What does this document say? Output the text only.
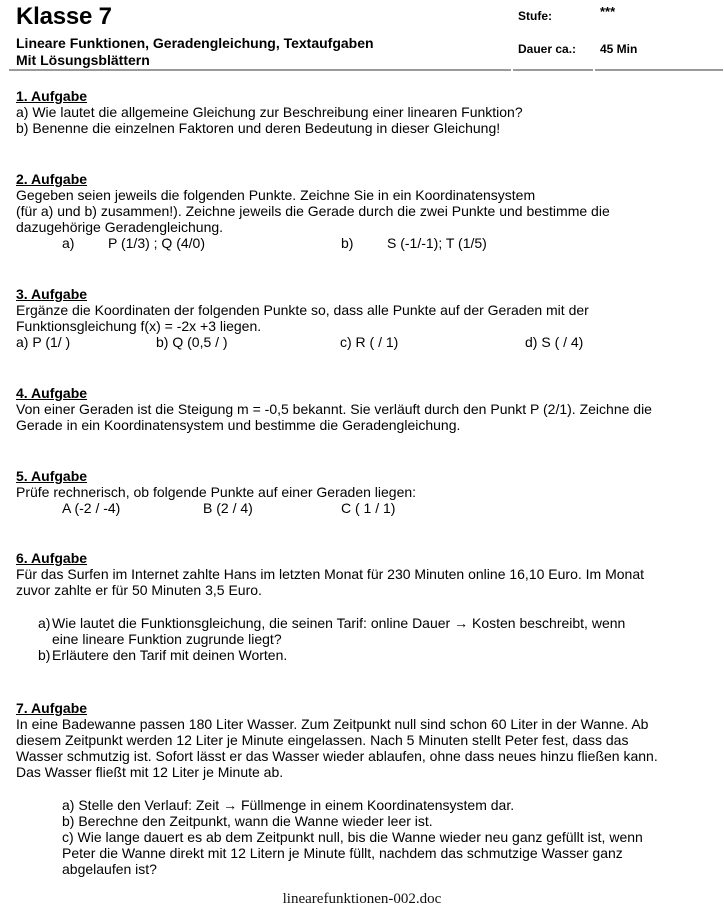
Klasse 7
Lineare Funktionen, Geradengleichung, Textaufgaben
Mit Lösungsblättern
Stufe:	***
Dauer ca.: 45 Min
1. Aufgabe
a) Wie lautet die allgemeine Gleichung zur Beschreibung einer linearen Funktion?
b) Benenne die einzelnen Faktoren und deren Bedeutung in dieser Gleichung!
2. Aufgabe
Gegeben seien jeweils die folgenden Punkte. Zeichne Sie in ein Koordinatensystem
(für a) und b) zusammen!). Zeichne jeweils die Gerade durch die zwei Punkte und bestimme die
dazugehörige Geradengleichung.
a) P (1/3) ; Q (4/0)	b) S (-1/-1); T (1/5)
3. Aufgabe
Ergänze die Koordinaten der folgenden Punkte so, dass alle Punkte auf der Geraden mit der
Funktionsgleichung f(x) = -2x +3 liegen.
a) P (1/ )	b) Q (0,5 / )	c) R ( / 1)	d) S ( / 4)
4. Aufgabe
Von einer Geraden ist die Steigung m = -0,5 bekannt. Sie verläuft durch den Punkt P (2/1). Zeichne die
Gerade in ein Koordinatensystem und bestimme die Geradengleichung.
5. Aufgabe
Prüfe rechnerisch, ob folgende Punkte auf einer Geraden liegen:
A (-2 / -4)	B (2 / 4)	C ( 1 / 1)
6. Aufgabe
Für das Surfen im Internet zahlte Hans im letzten Monat für 230 Minuten online 16,10 Euro. Im Monat
zuvor zahlte er für 50 Minuten 3,5 Euro.
a) Wie lautet die Funktionsgleichung, die seinen Tarif: online Dauer → Kosten beschreibt, wenn
eine lineare Funktion zugrunde liegt?
b) Erläutere den Tarif mit deinen Worten.
7. Aufgabe
In eine Badewanne passen 180 Liter Wasser. Zum Zeitpunkt null sind schon 60 Liter in der Wanne. Ab
diesem Zeitpunkt werden 12 Liter je Minute eingelassen. Nach 5 Minuten stellt Peter fest, dass das
Wasser schmutzig ist. Sofort lässt er das Wasser wieder ablaufen, ohne dass neues hinzu fließen kann.
Das Wasser fließt mit 12 Liter je Minute ab.
a) Stelle den Verlauf: Zeit → Füllmenge in einem Koordinatensystem dar.
b) Berechne den Zeitpunkt, wann die Wanne wieder leer ist.
c) Wie lange dauert es ab dem Zeitpunkt null, bis die Wanne wieder neu ganz gefüllt ist, wenn
Peter die Wanne direkt mit 12 Litern je Minute füllt, nachdem das schmutzige Wasser ganz
abgelaufen ist?
linearefunktionen-002.doc
